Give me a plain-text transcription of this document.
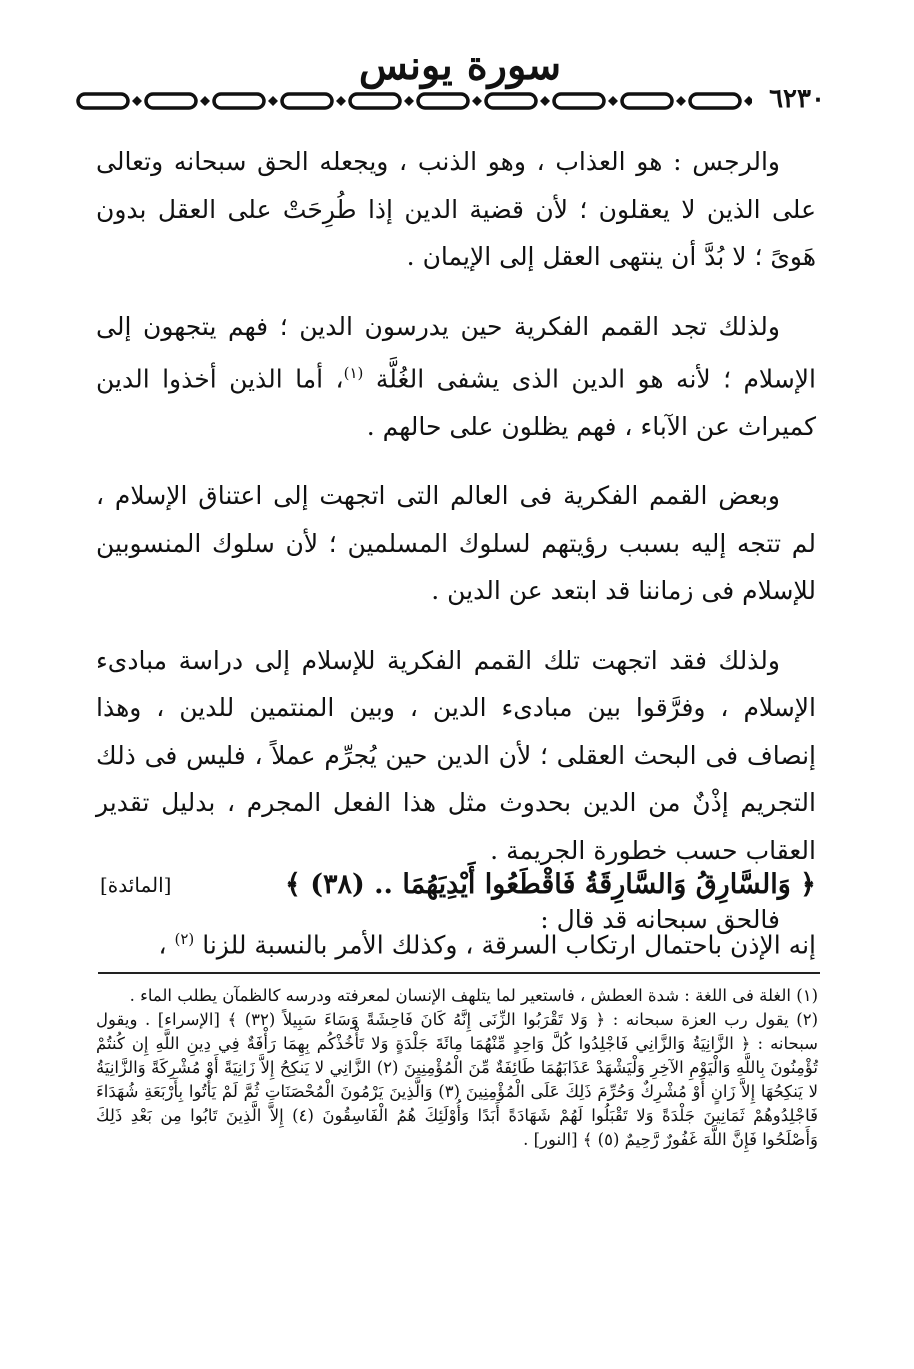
سورة يونس
٦٢٣٠

والرجس : هو العذاب ، وهو الذنب ، ويجعله الحق سبحانه وتعالى على الذين لا يعقلون ؛ لأن قضية الدين إذا طُرِحَتْ على العقل بدون هَوىً ؛ لا بُدَّ أن ينتهى العقل إلى الإيمان .

ولذلك تجد القمم الفكرية حين يدرسون الدين ؛ فهم يتجهون إلى الإسلام ؛ لأنه هو الدين الذى يشفى الغُلَّة $^{(١)}$، أما الذين أخذوا الدين كميراث عن الآباء ، فهم يظلون على حالهم .

وبعض القمم الفكرية فى العالم التى اتجهت إلى اعتناق الإسلام ، لم تتجه إليه بسبب رؤيتهم لسلوك المسلمين ؛ لأن سلوك المنسوبين للإسلام فى زماننا قد ابتعد عن الدين .

ولذلك فقد اتجهت تلك القمم الفكرية للإسلام إلى دراسة مبادىء الإسلام ، وفرَّقوا بين مبادىء الدين ، وبين المنتمين للدين ، وهذا إنصاف فى البحث العقلى ؛ لأن الدين حين يُجرِّم عملاً ، فليس فى ذلك التجريم إذْنٌ من الدين بحدوث مثل هذا الفعل المجرم ، بدليل تقدير العقاب حسب خطورة الجريمة .

فالحق سبحانه قد قال :

﴿ وَالسَّارِقُ وَالسَّارِقَةُ فَاقْطَعُوا أَيْدِيَهُمَا .. (٣٨) ﴾
[المائدة]
إنه الإذن باحتمال ارتكاب السرقة ، وكذلك الأمر بالنسبة للزنا $^{(٢)}$ ،

(١) الغلة فى اللغة : شدة العطش ، فاستعير لما يتلهف الإنسان لمعرفته ودرسه كالظمآن يطلب الماء .

(٢) يقول رب العزة سبحانه : ﴿ وَلا تَقْرَبُوا الزِّنَى إِنَّهُ كَانَ فَاحِشَةً وَسَاءَ سَبِيلاً (٣٢) ﴾ [الإسراء] . ويقول سبحانه : ﴿ الزَّانِيَةُ وَالزَّانِي فَاجْلِدُوا كُلَّ وَاحِدٍ مِّنْهُمَا مِائَةَ جَلْدَةٍ وَلا تَأْخُذْكُم بِهِمَا رَأْفَةٌ فِي دِينِ اللَّهِ إِن كُنتُمْ تُؤْمِنُونَ بِاللَّهِ وَالْيَوْمِ الآخِرِ وَلْيَشْهَدْ عَذَابَهُمَا طَائِفَةٌ مِّنَ الْمُؤْمِنِينَ (٢) الزَّانِي لا يَنكِحُ إِلاَّ زَانِيَةً أَوْ مُشْرِكَةً وَالزَّانِيَةُ لا يَنكِحُهَا إِلاَّ زَانٍ أَوْ مُشْرِكٌ وَحُرِّمَ ذَلِكَ عَلَى الْمُؤْمِنِينَ (٣) وَالَّذِينَ يَرْمُونَ الْمُحْصَنَاتِ ثُمَّ لَمْ يَأْتُوا بِأَرْبَعَةِ شُهَدَاءَ فَاجْلِدُوهُمْ ثَمَانِينَ جَلْدَةً وَلا تَقْبَلُوا لَهُمْ شَهَادَةً أَبَدًا وَأُوْلَئِكَ هُمُ الْفَاسِقُونَ (٤) إِلاَّ الَّذِينَ تَابُوا مِن بَعْدِ ذَلِكَ وَأَصْلَحُوا فَإِنَّ اللَّهَ غَفُورٌ رَّحِيمٌ (٥) ﴾ [النور] .
